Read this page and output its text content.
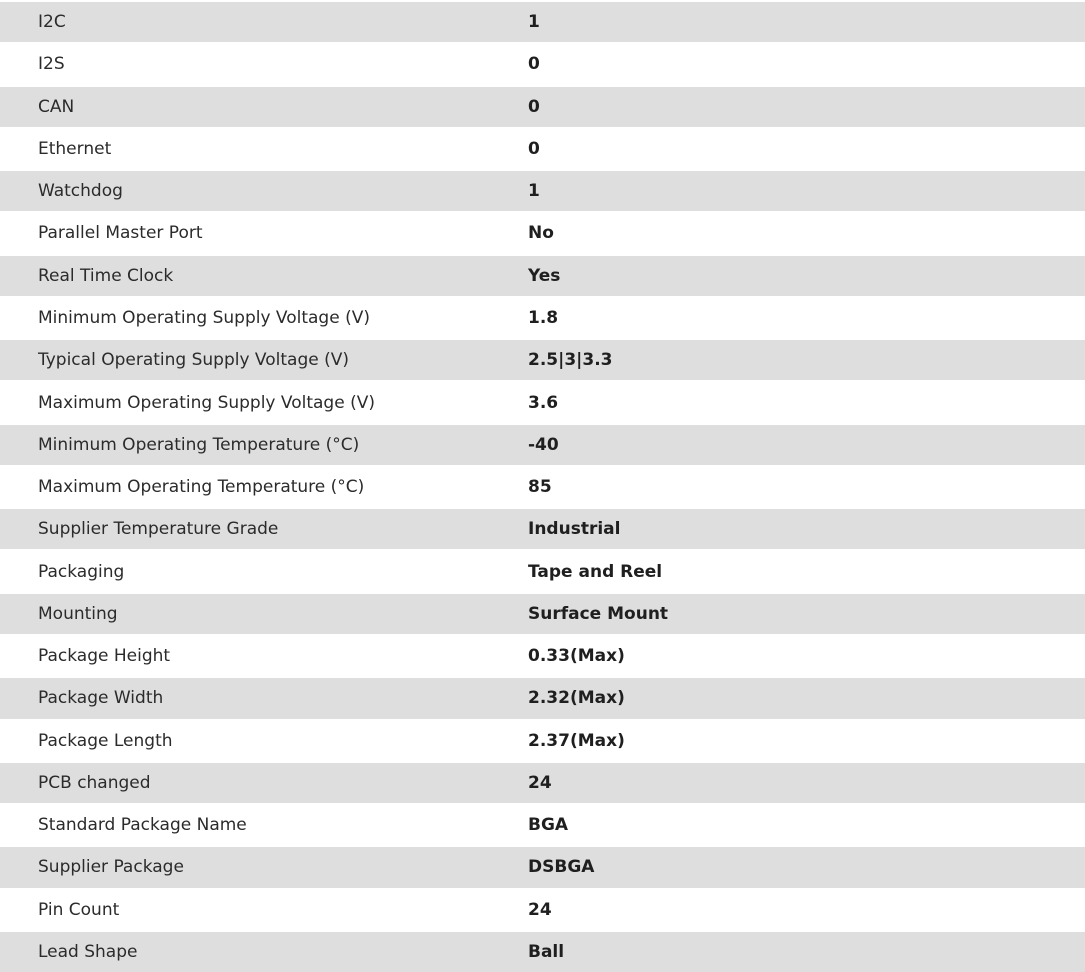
I2C	1
I2S	0
CAN	0
Ethernet	0
Watchdog	1
Parallel Master Port	No
Real Time Clock	Yes
Minimum Operating Supply Voltage (V)	1.8
Typical Operating Supply Voltage (V)	2.5|3|3.3
Maximum Operating Supply Voltage (V)	3.6
Minimum Operating Temperature (°C)	-40
Maximum Operating Temperature (°C)	85
Supplier Temperature Grade	Industrial
Packaging	Tape and Reel
Mounting	Surface Mount
Package Height	0.33(Max)
Package Width	2.32(Max)
Package Length	2.37(Max)
PCB changed	24
Standard Package Name	BGA
Supplier Package	DSBGA
Pin Count	24
Lead Shape	Ball
